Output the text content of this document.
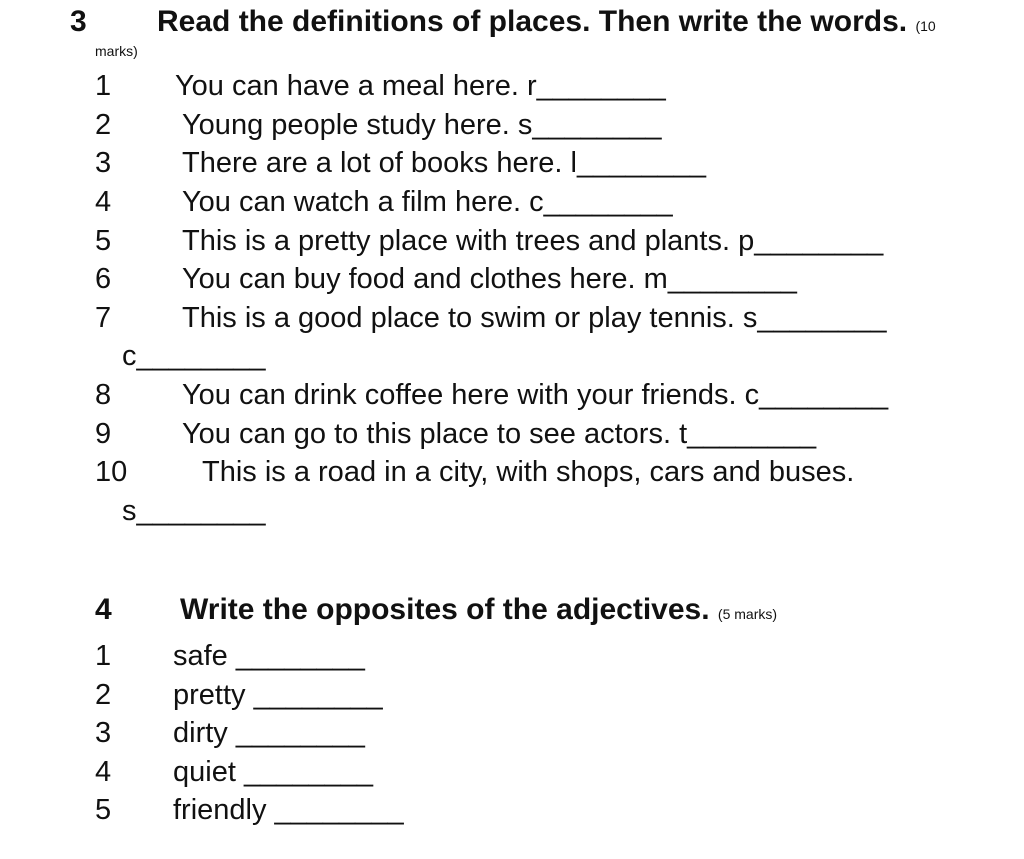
3 Read the definitions of places. Then write the words. (10
marks)
1 You can have a meal here. r________
2 Young people study here. s________
3 There are a lot of books here. l________
4 You can watch a film here. c________
5 This is a pretty place with trees and plants. p________
6 You can buy food and clothes here. m________
7 This is a good place to swim or play tennis. s________
c________
8 You can drink coffee here with your friends. c________
9 You can go to this place to see actors. t________
10	This is a road in a city, with shops, cars and buses.
s________
4 Write the opposites of the adjectives. (5 marks)
1 safe ________
2 pretty ________
3 dirty ________
4 quiet ________
5 friendly ________
